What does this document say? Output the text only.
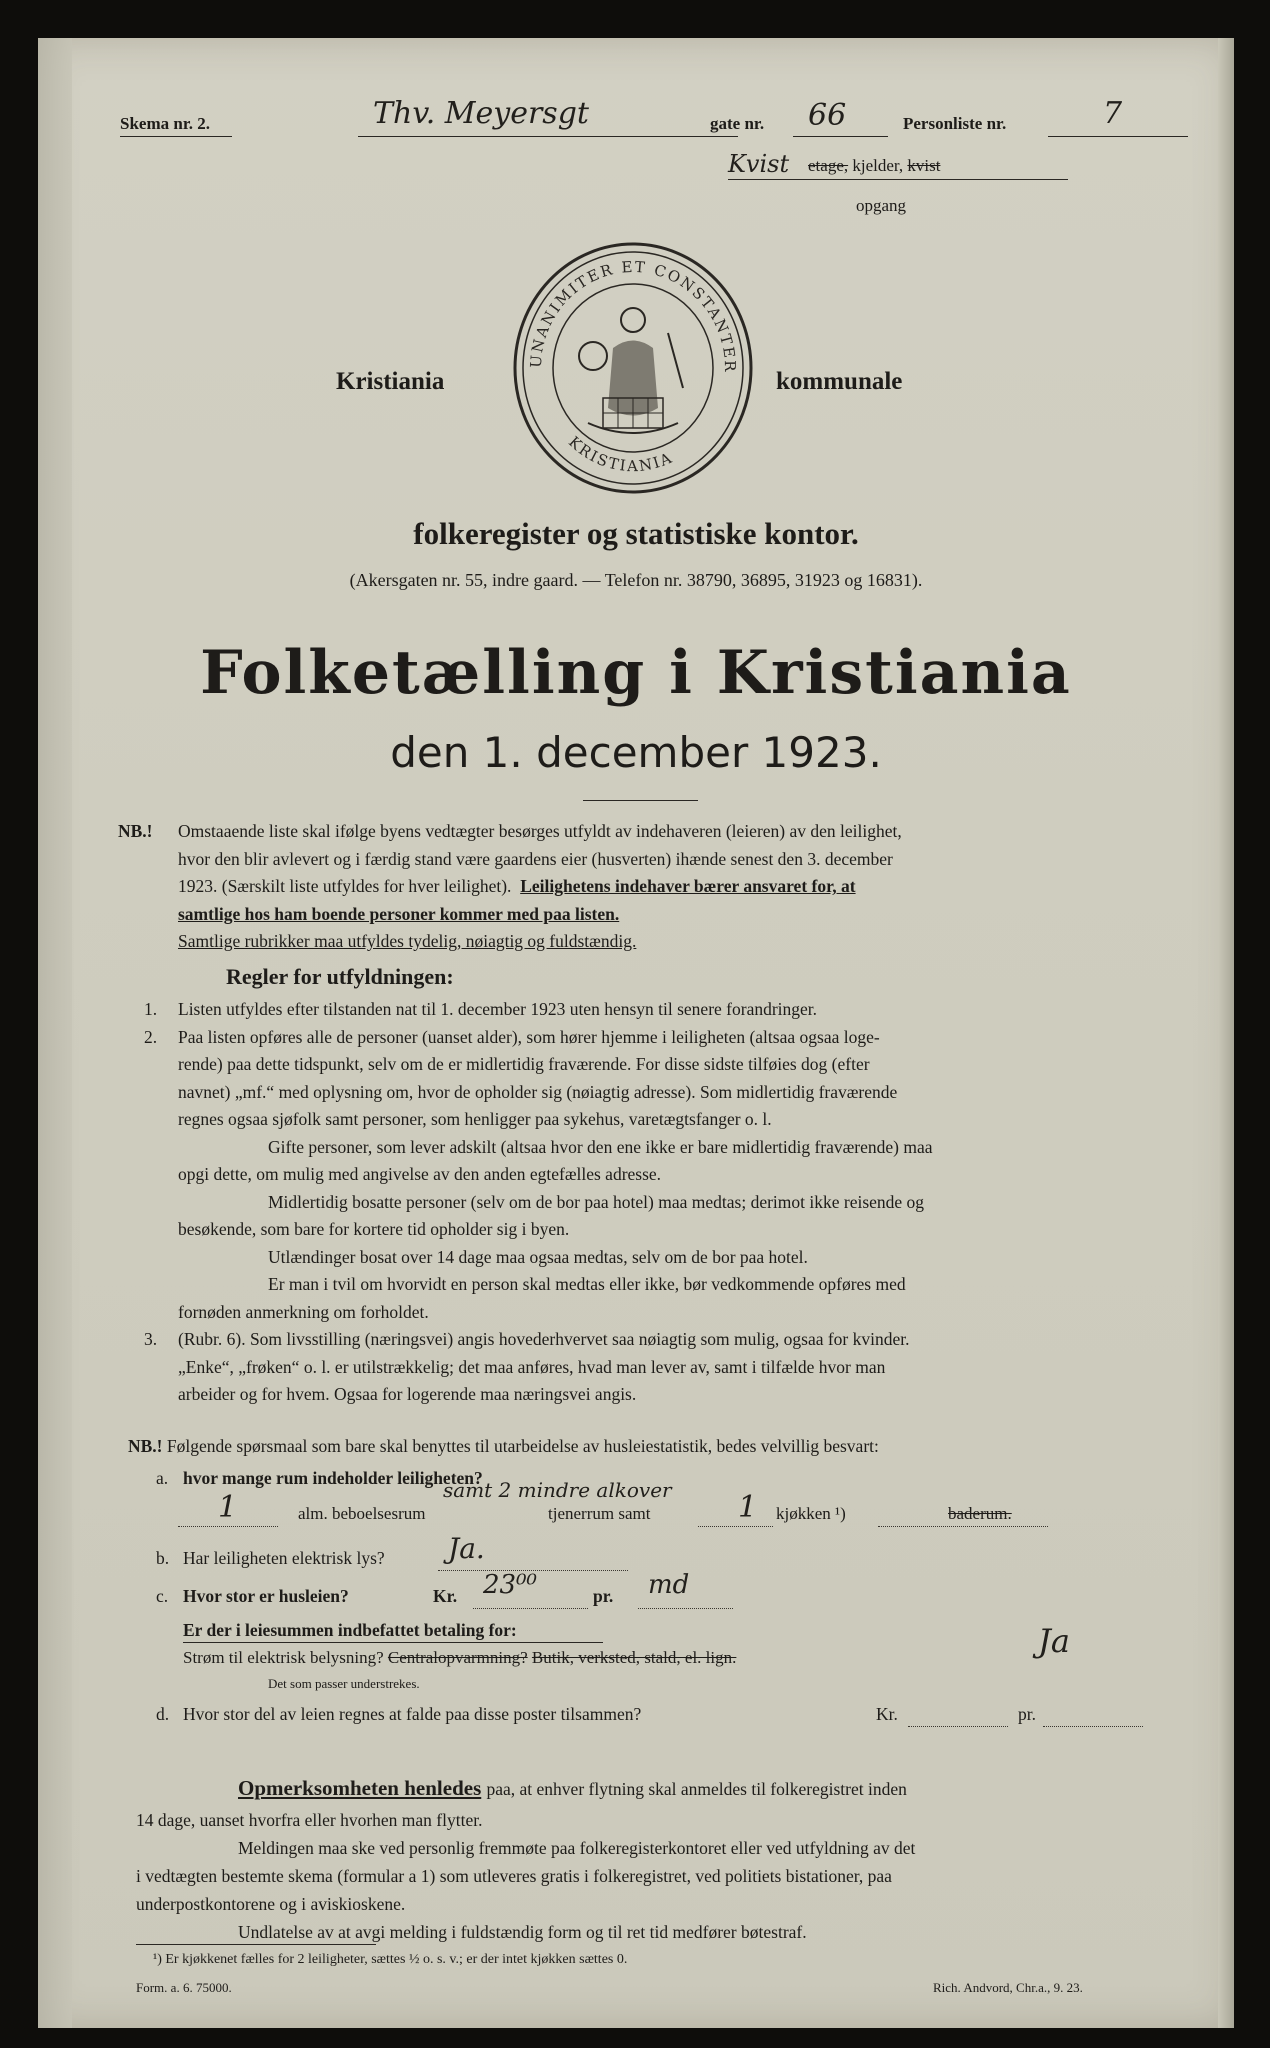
Skema nr. 2.	Thv. Meyersgt	gate nr. 66	Personliste nr.	7
Kvist etage, kjelder, kvist
opgang
UNANIMITER ET CONSTANTER
KRISTIANIA
Kristiania	kommunale
folkeregister og statistiske kontor.
(Akersgaten nr. 55, indre gaard. — Telefon nr. 38790, 36895, 31923 og 16831).
Folketælling i Kristiania
den 1. december 1923.
NB.! Omstaaende liste skal ifølge byens vedtægter besørges utfyldt av indehaveren (leieren) av den leilighet,
hvor den blir avlevert og i færdig stand være gaardens eier (husverten) ihænde senest den 3. december
1923. (Særskilt liste utfyldes for hver leilighet). Leilighetens indehaver bærer ansvaret for, at
samtlige hos ham boende personer kommer med paa listen.
Samtlige rubrikker maa utfyldes tydelig, nøiagtig og fuldstændig.
Regler for utfyldningen:
1. Listen utfyldes efter tilstanden nat til 1. december 1923 uten hensyn til senere forandringer.
2. Paa listen opføres alle de personer (uanset alder), som hører hjemme i leiligheten (altsaa ogsaa loge-
rende) paa dette tidspunkt, selv om de er midlertidig fraværende. For disse sidste tilføies dog (efter
navnet) „mf.“ med oplysning om, hvor de opholder sig (nøiagtig adresse). Som midlertidig fraværende
regnes ogsaa sjøfolk samt personer, som henligger paa sykehus, varetægtsfanger o. l.
Gifte personer, som lever adskilt (altsaa hvor den ene ikke er bare midlertidig fraværende) maa
opgi dette, om mulig med angivelse av den anden egtefælles adresse.
Midlertidig bosatte personer (selv om de bor paa hotel) maa medtas; derimot ikke reisende og
besøkende, som bare for kortere tid opholder sig i byen.
Utlændinger bosat over 14 dage maa ogsaa medtas, selv om de bor paa hotel.
Er man i tvil om hvorvidt en person skal medtas eller ikke, bør vedkommende opføres med
fornøden anmerkning om forholdet.
3. (Rubr. 6). Som livsstilling (næringsvei) angis hovederhvervet saa nøiagtig som mulig, ogsaa for kvinder.
„Enke“, „frøken“ o. l. er utilstrækkelig; det maa anføres, hvad man lever av, samt i tilfælde hvor man
arbeider og for hvem. Ogsaa for logerende maa næringsvei angis.
NB.! Følgende spørsmaal som bare skal benyttes til utarbeidelse av husleiestatistik, bedes velvillig besvart:
a. hvor mange rum indeholder leiligheten?
1	alm. beboelsesrum
samt 2 mindre alkover
tjenerrum samt	1 kjøkken ¹)	baderum.
b. Har leiligheten elektrisk lys? Ja.
c. Hvor stor er husleien?	Kr. 23⁰⁰	pr. md
Er der i leiesummen indbefattet betaling for:
Strøm til elektrisk belysning? Centralopvarmning? Butik, verksted, stald, el. lign.	Ja
Det som passer understrekes.
d. Hvor stor del av leien regnes at falde paa disse poster tilsammen?	Kr.	pr.
Opmerksomheten henledes paa, at enhver flytning skal anmeldes til folkeregistret inden
14 dage, uanset hvorfra eller hvorhen man flytter.
Meldingen maa ske ved personlig fremmøte paa folkeregisterkontoret eller ved utfyldning av det
i vedtægten bestemte skema (formular a 1) som utleveres gratis i folkeregistret, ved politiets bistationer, paa
underpostkontorene og i aviskioskene.
Undlatelse av at avgi melding i fuldstændig form og til ret tid medfører bøtestraf.
¹) Er kjøkkenet fælles for 2 leiligheter, sættes ½ o. s. v.; er der intet kjøkken sættes 0.
Form. a. 6. 75000.	Rich. Andvord, Chr.a., 9. 23.
